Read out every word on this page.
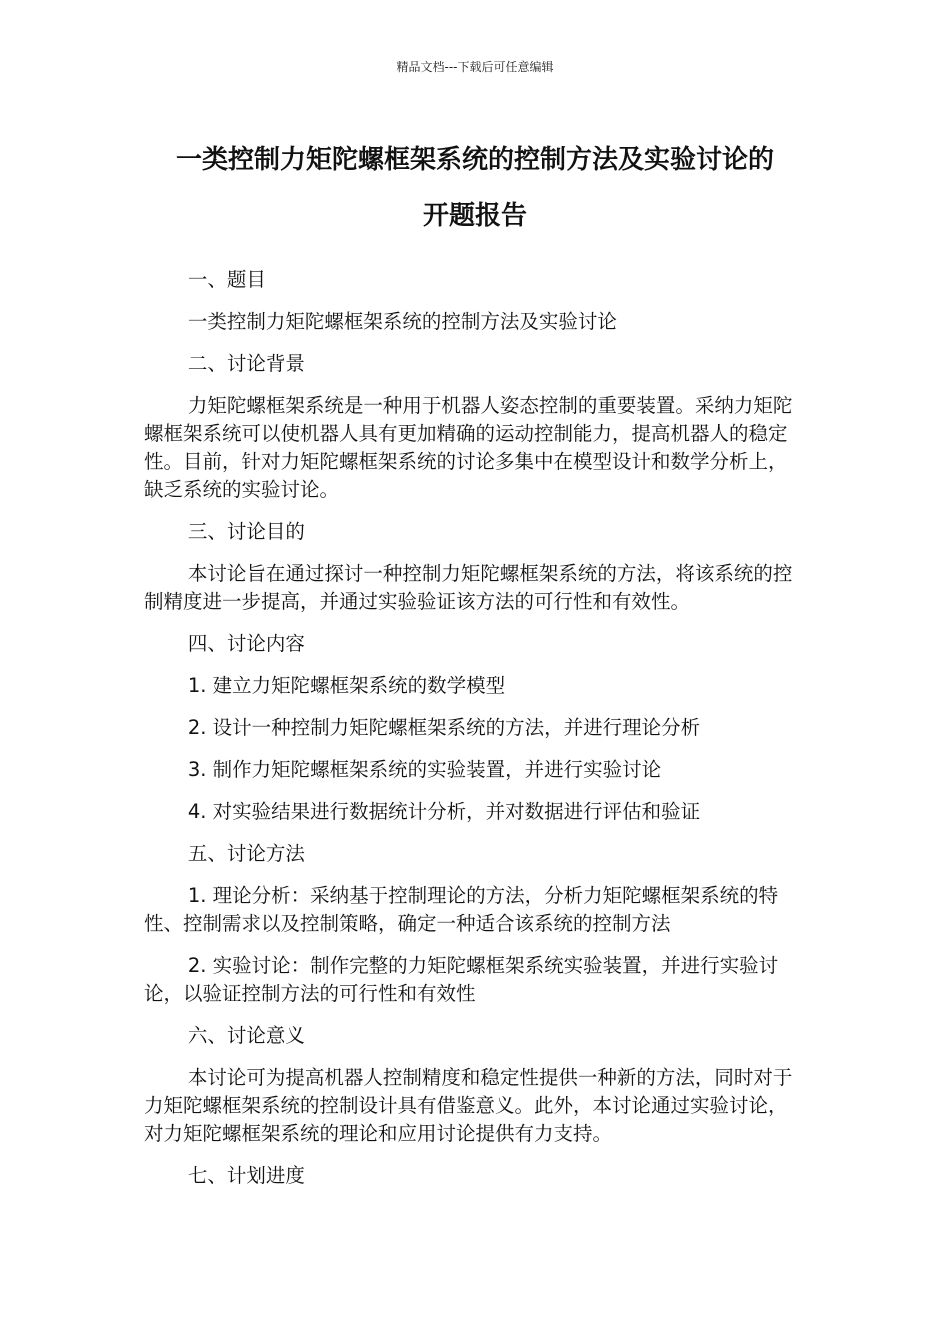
精品文档---下载后可任意编辑
一类控制力矩陀螺框架系统的控制方法及实验讨论的
开题报告

一、题目

一类控制力矩陀螺框架系统的控制方法及实验讨论

二、讨论背景

力矩陀螺框架系统是一种用于机器人姿态控制的重要装置。采纳力矩陀螺框架系统可以使机器人具有更加精确的运动控制能力，提高机器人的稳定性。目前，针对力矩陀螺框架系统的讨论多集中在模型设计和数学分析上，缺乏系统的实验讨论。

三、讨论目的

本讨论旨在通过探讨一种控制力矩陀螺框架系统的方法，将该系统的控制精度进一步提高，并通过实验验证该方法的可行性和有效性。

四、讨论内容

1. 建立力矩陀螺框架系统的数学模型

2. 设计一种控制力矩陀螺框架系统的方法，并进行理论分析

3. 制作力矩陀螺框架系统的实验装置，并进行实验讨论

4. 对实验结果进行数据统计分析，并对数据进行评估和验证

五、讨论方法

1. 理论分析：采纳基于控制理论的方法，分析力矩陀螺框架系统的特性、控制需求以及控制策略，确定一种适合该系统的控制方法

2. 实验讨论：制作完整的力矩陀螺框架系统实验装置，并进行实验讨论，以验证控制方法的可行性和有效性

六、讨论意义

本讨论可为提高机器人控制精度和稳定性提供一种新的方法，同时对于力矩陀螺框架系统的控制设计具有借鉴意义。此外，本讨论通过实验讨论，对力矩陀螺框架系统的理论和应用讨论提供有力支持。

七、计划进度
